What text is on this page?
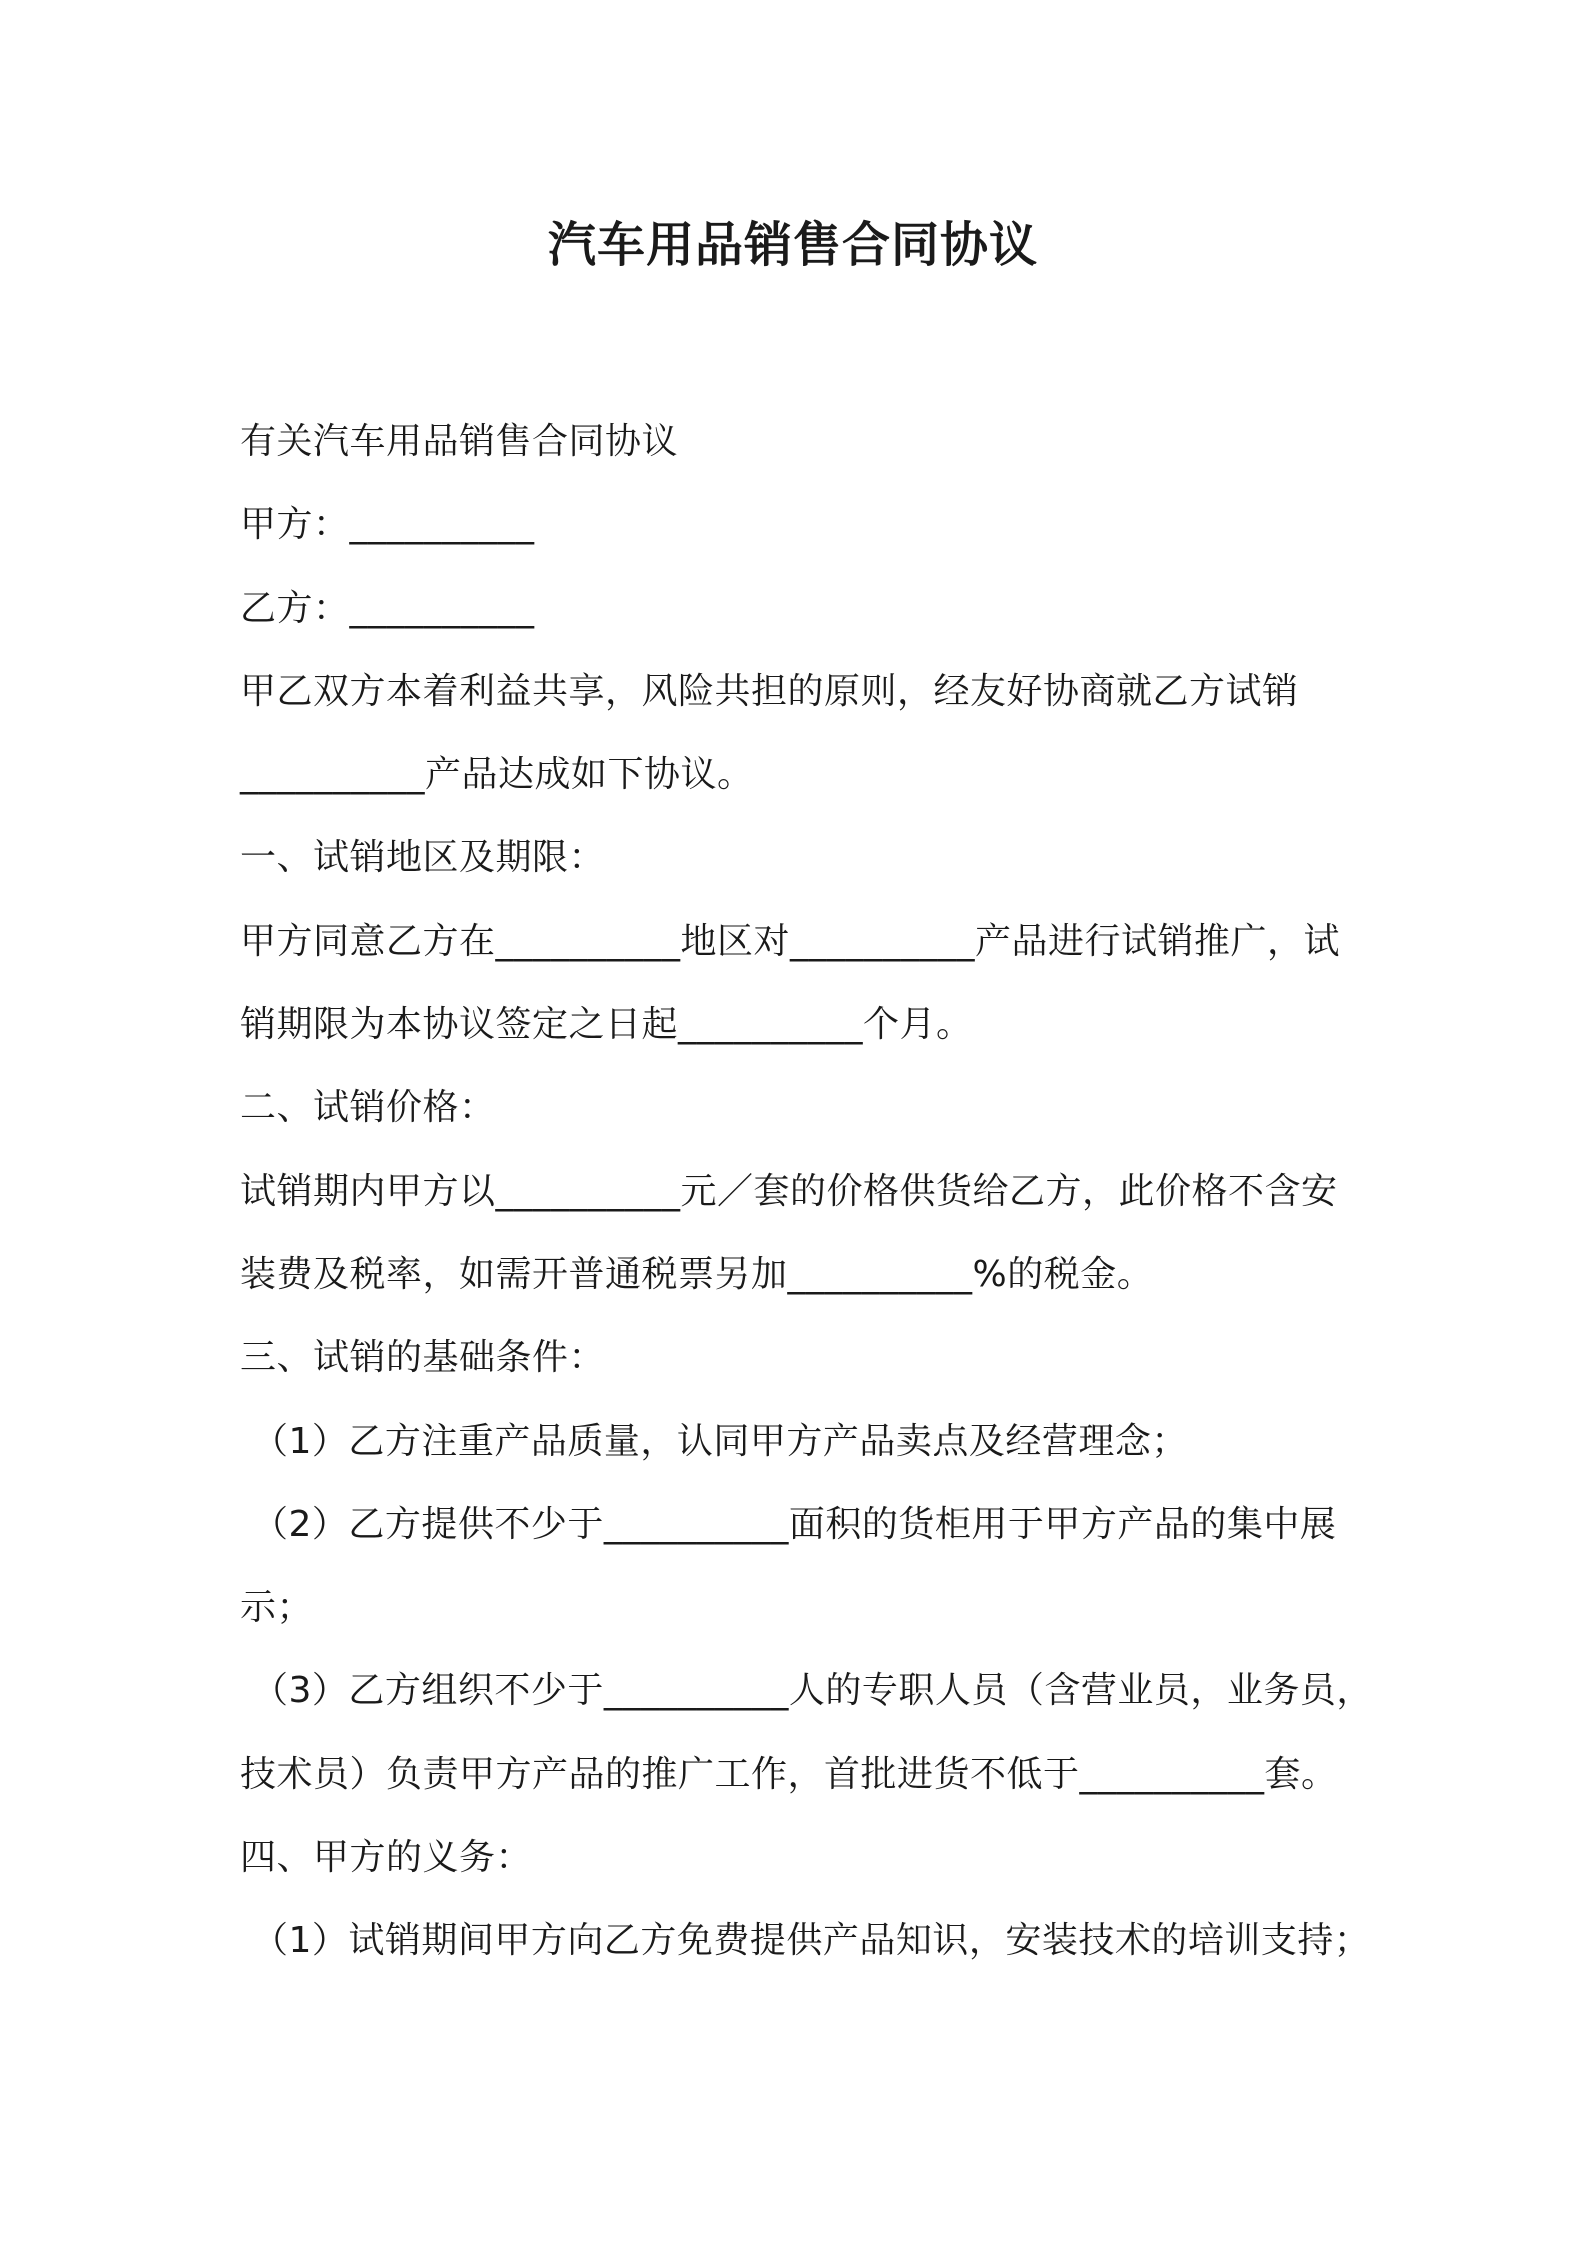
汽车用品销售合同协议
有关汽车用品销售合同协议
甲方：__________
乙方：__________
甲乙双方本着利益共享，风险共担的原则，经友好协商就乙方试销
__________产品达成如下协议。
一、试销地区及期限：
甲方同意乙方在__________地区对__________产品进行试销推广，试
销期限为本协议签定之日起__________个月。
二、试销价格：
试销期内甲方以__________元／套的价格供货给乙方，此价格不含安
装费及税率，如需开普通税票另加__________%的税金。
三、试销的基础条件：
（1）乙方注重产品质量，认同甲方产品卖点及经营理念；
（2）乙方提供不少于__________面积的货柜用于甲方产品的集中展
示；
（3）乙方组织不少于__________人的专职人员（含营业员，业务员，
技术员）负责甲方产品的推广工作，首批进货不低于__________套。
四、甲方的义务：
（1）试销期间甲方向乙方免费提供产品知识，安装技术的培训支持；
